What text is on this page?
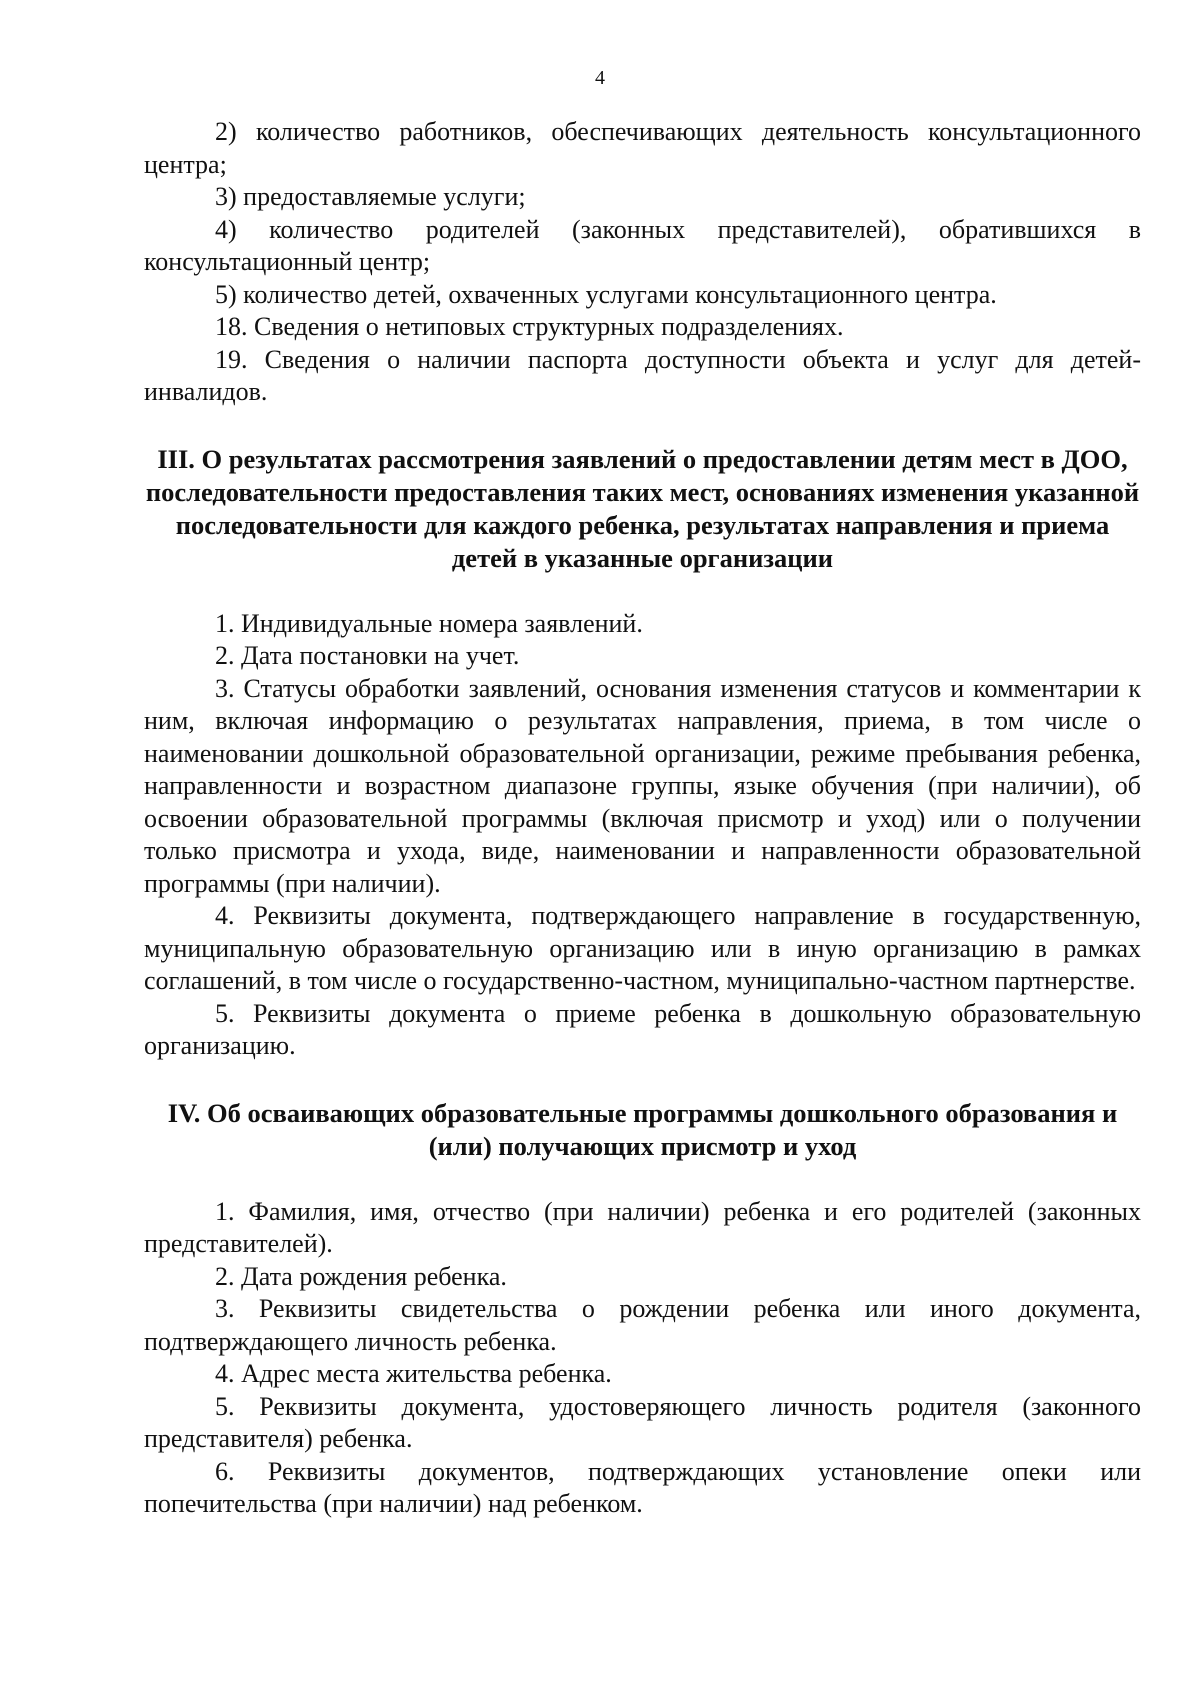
4

2) количество работников, обеспечивающих деятельность консультационного центра;

3) предоставляемые услуги;

4) количество родителей (законных представителей), обратившихся в консультационный центр;

5) количество детей, охваченных услугами консультационного центра.

18. Сведения о нетиповых структурных подразделениях.

19. Сведения о наличии паспорта доступности объекта и услуг для детей-инвалидов.

III. О результатах рассмотрения заявлений о предоставлении детям мест в ДОО, последовательности предоставления таких мест, основаниях изменения указанной последовательности для каждого ребенка, результатах направления и приема детей в указанные организации

1. Индивидуальные номера заявлений.

2. Дата постановки на учет.

3. Статусы обработки заявлений, основания изменения статусов и комментарии к ним, включая информацию о результатах направления, приема, в том числе о наименовании дошкольной образовательной организации, режиме пребывания ребенка, направленности и возрастном диапазоне группы, языке обучения (при наличии), об освоении образовательной программы (включая присмотр и уход) или о получении только присмотра и ухода, виде, наименовании и направленности образовательной программы (при наличии).

4. Реквизиты документа, подтверждающего направление в государственную, муниципальную образовательную организацию или в иную организацию в рамках соглашений, в том числе о государственно-частном, муниципально-частном партнерстве.

5. Реквизиты документа о приеме ребенка в дошкольную образовательную организацию.

IV. Об осваивающих образовательные программы дошкольного образования и (или) получающих присмотр и уход

1. Фамилия, имя, отчество (при наличии) ребенка и его родителей (законных представителей).

2. Дата рождения ребенка.

3. Реквизиты свидетельства о рождении ребенка или иного документа, подтверждающего личность ребенка.

4. Адрес места жительства ребенка.

5. Реквизиты документа, удостоверяющего личность родителя (законного представителя) ребенка.

6. Реквизиты документов, подтверждающих установление опеки или попечительства (при наличии) над ребенком.
